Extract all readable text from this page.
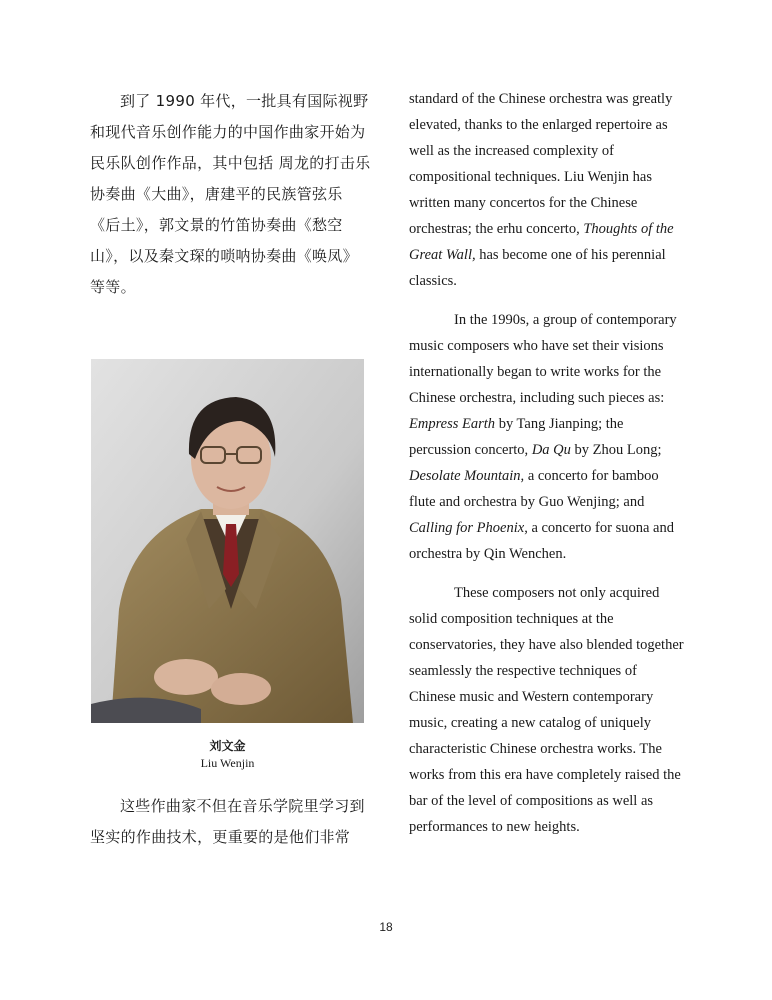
到了 1990 年代，一批具有国际视野和现代音乐创作能力的中国作曲家开始为民乐队创作作品，其中包括 周龙的打击乐协奏曲《大曲》，唐建平的民族管弦乐《后土》，郭文景的竹笛协奏曲《愁空山》，以及秦文琛的唢呐协奏曲《唤凤》等等。

刘文金
Liu Wenjin

这些作曲家不但在音乐学院里学习到坚实的作曲技术，更重要的是他们非常

standard of the Chinese orchestra was greatly elevated, thanks to the enlarged repertoire as well as the increased complexity of compositional techniques. Liu Wenjin has written many concertos for the Chinese orchestras; the erhu concerto, Thoughts of the Great Wall, has become one of his perennial classics.

In the 1990s, a group of contemporary music composers who have set their visions internationally began to write works for the Chinese orchestra, including such pieces as: Empress Earth by Tang Jianping; the percussion concerto, Da Qu by Zhou Long; Desolate Mountain, a concerto for bamboo flute and orchestra by Guo Wenjing; and Calling for Phoenix, a concerto for suona and orchestra by Qin Wenchen.

These composers not only acquired solid composition techniques at the conservatories, they have also blended together seamlessly the respective techniques of Chinese music and Western contemporary music, creating a new catalog of uniquely characteristic Chinese orchestra works. The works from this era have completely raised the bar of the level of compositions as well as performances to new heights.

18
